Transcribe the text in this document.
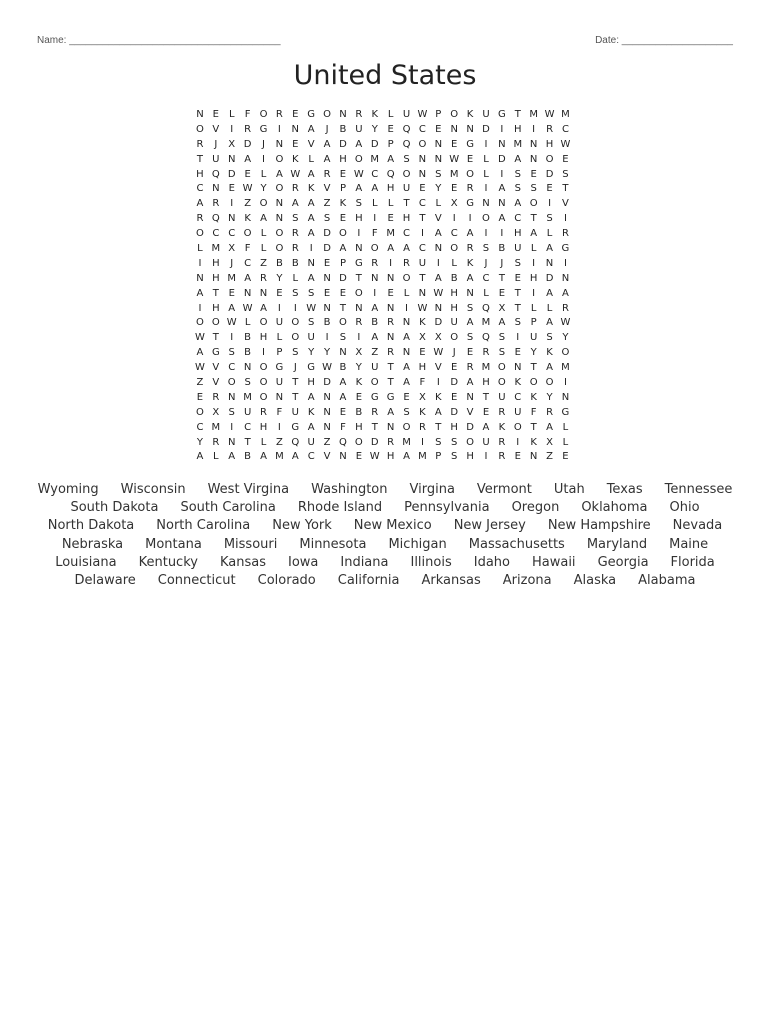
Name: ______________________________________	Date: ____________________
United States
N E L	F O R E G O N R K L U W P O K U G T M W M
O V	I	R G	I	N A	J	B U Y E Q C E N N D	I	H	I	R C
R	J	X D	J	N E V A D A D P Q O N E G	I	N M N H W
T U N A	I	O K L A H O M A S N N W E L D A N O E
H Q D E L A W A R E W C Q O N S M O L	I	S E D S
C N E W Y O R K V P A A H U E Y E R	I	A S S E T
A R	I	Z O N A A Z K S L	L	T C L X G N N A O	I	V
R Q N K A N S A S E H	I	E H T V	I	I	O A C T S	I
O C C O L O R A D O	I	F M C	I	A C A	I	I	H A L R
L M X F	L O R	I	D A N O A A C N O R S B U L A G
I	H	J	C Z B B N E P G R	I	R U	I	L K	J	J	S	I	N	I
N H M A R Y	L A N D T N N O T A B A C T E H D N
A T E N N E S S E E O	I	E L N W H N L E T	I	A A
I	H A W A	I	I W N T N A N	I W N H S Q X T	L	L R
O O W L O U O S B O R B R N K D U A M A S P A W
W T	I	B H L O U	I	S	I	A N A X X O S Q S	I	U S Y
A G S B	I	P S Y Y N X Z R N E W J	E R S E Y K O
W V C N O G	J	G W B Y U T A H V E R M O N T A M
Z V O S O U T H D A K O T A F	I	D A H O K O O	I
E R N M O N T A N A E G G E X K E N T U C K Y N
O X S U R F U K N E B R A S K A D V E R U F R G
C M	I	C H	I	G A N F H T N O R T H D A K O T A L
Y R N T	L Z Q U Z Q O D R M	I	S S O U R	I	K X L
A L A B A M A C V N E W H A M P S H	I	R E N Z E
Wyoming Wisconsin West Virgina Washington Virgina Vermont Utah Texas Tennessee
South Dakota South Carolina Rhode Island Pennsylvania Oregon Oklahoma Ohio
North Dakota North Carolina New York New Mexico New Jersey New Hampshire Nevada
Nebraska Montana Missouri Minnesota Michigan Massachusetts Maryland Maine
Louisiana Kentucky Kansas Iowa Indiana Illinois Idaho Hawaii Georgia Florida
Delaware Connecticut Colorado California Arkansas Arizona Alaska Alabama
